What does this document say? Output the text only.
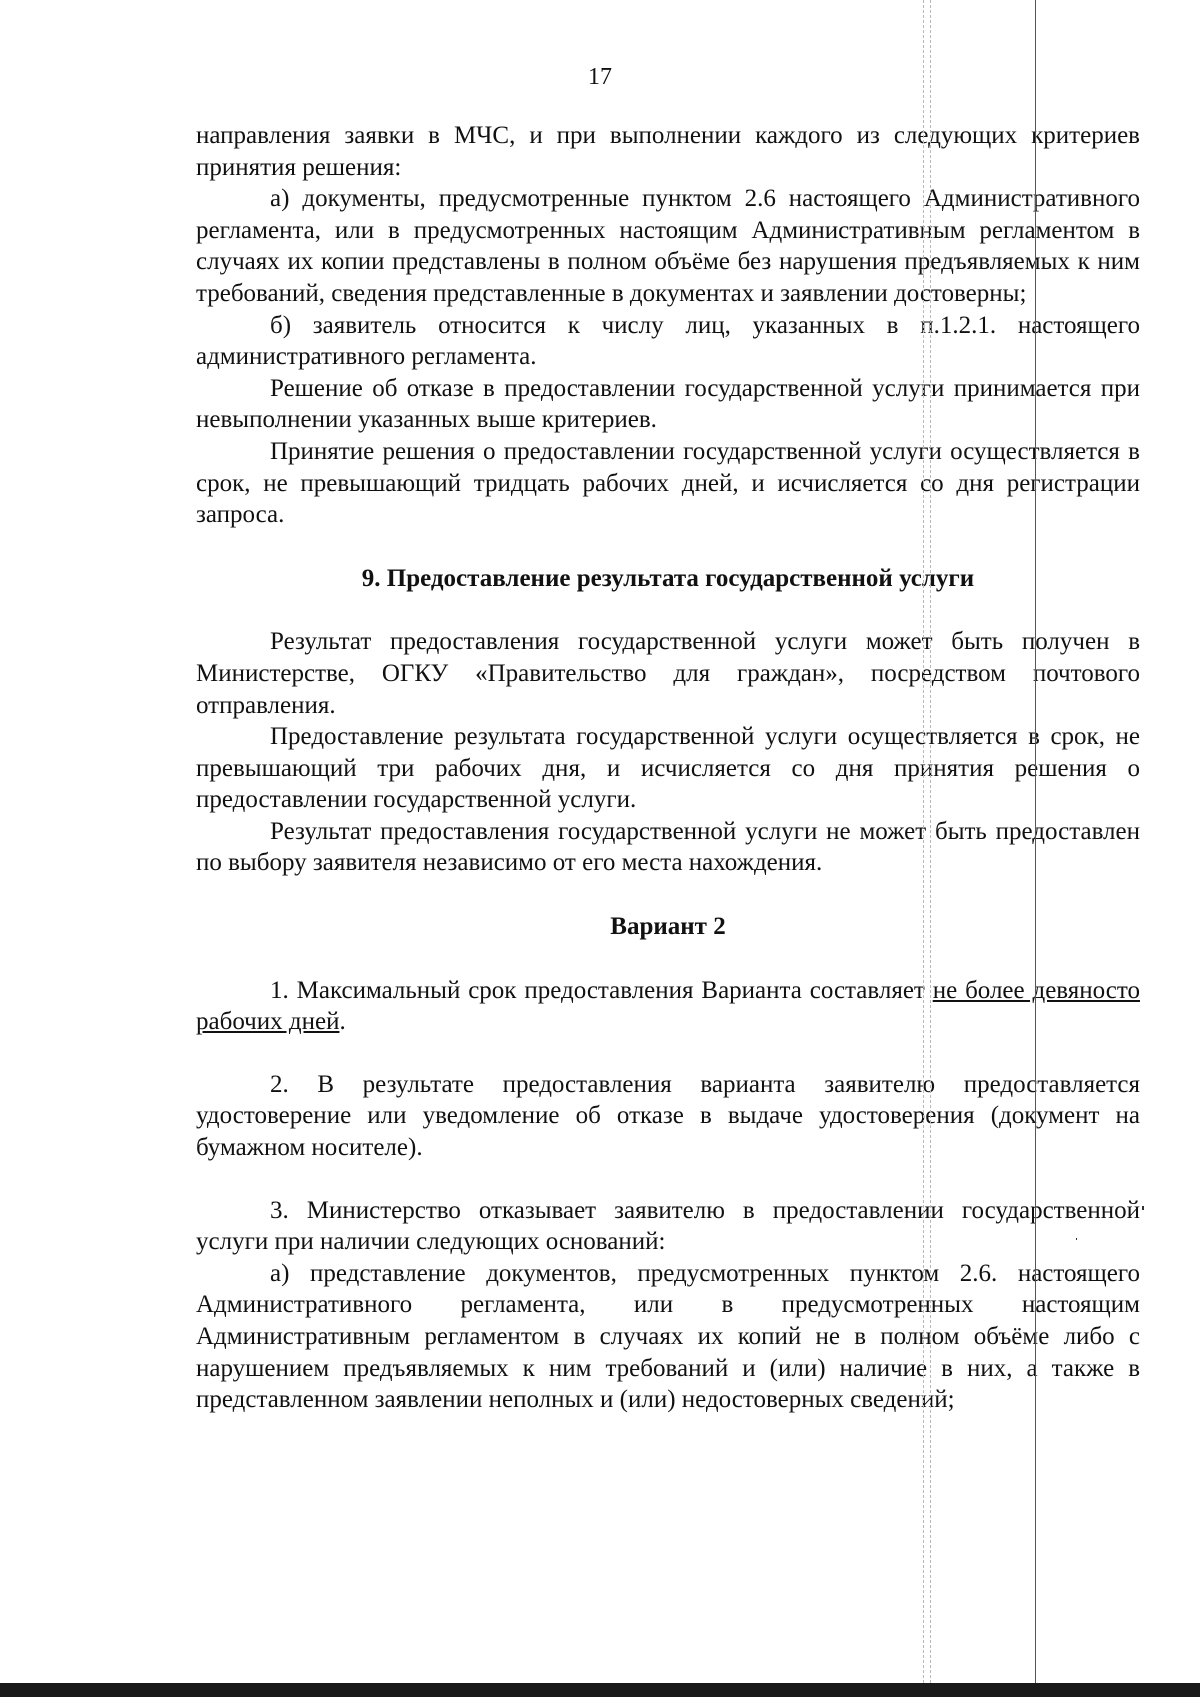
17

направления заявки в МЧС, и при выполнении каждого из следующих критериев принятия решения:

а) документы, предусмотренные пунктом 2.6 настоящего Административного регламента, или в предусмотренных настоящим Административным регламентом в случаях их копии представлены в полном объёме без нарушения предъявляемых к ним требований, сведения представленные в документах и заявлении достоверны;

б) заявитель относится к числу лиц, указанных в п.1.2.1. настоящего административного регламента.

Решение об отказе в предоставлении государственной услуги принимается при невыполнении указанных выше критериев.

Принятие решения о предоставлении государственной услуги осуществляется в срок, не превышающий тридцать рабочих дней, и исчисляется со дня регистрации запроса.

9. Предоставление результата государственной услуги

Результат предоставления государственной услуги может быть получен в Министерстве, ОГКУ «Правительство для граждан», посредством почтового отправления.

Предоставление результата государственной услуги осуществляется в срок, не превышающий три рабочих дня, и исчисляется со дня принятия решения о предоставлении государственной услуги.

Результат предоставления государственной услуги не может быть предоставлен по выбору заявителя независимо от его места нахождения.

Вариант 2

1. Максимальный срок предоставления Варианта составляет не более девяносто рабочих дней.

2. В результате предоставления варианта заявителю предоставляется удостоверение или уведомление об отказе в выдаче удостоверения (документ на бумажном носителе).

3. Министерство отказывает заявителю в предоставлении государственной услуги при наличии следующих оснований:

а) представление документов, предусмотренных пунктом 2.6. настоящего Административного регламента, или в предусмотренных настоящим Административным регламентом в случаях их копий не в полном объёме либо с нарушением предъявляемых к ним требований и (или) наличие в них, а также в представленном заявлении неполных и (или) недостоверных сведений;
